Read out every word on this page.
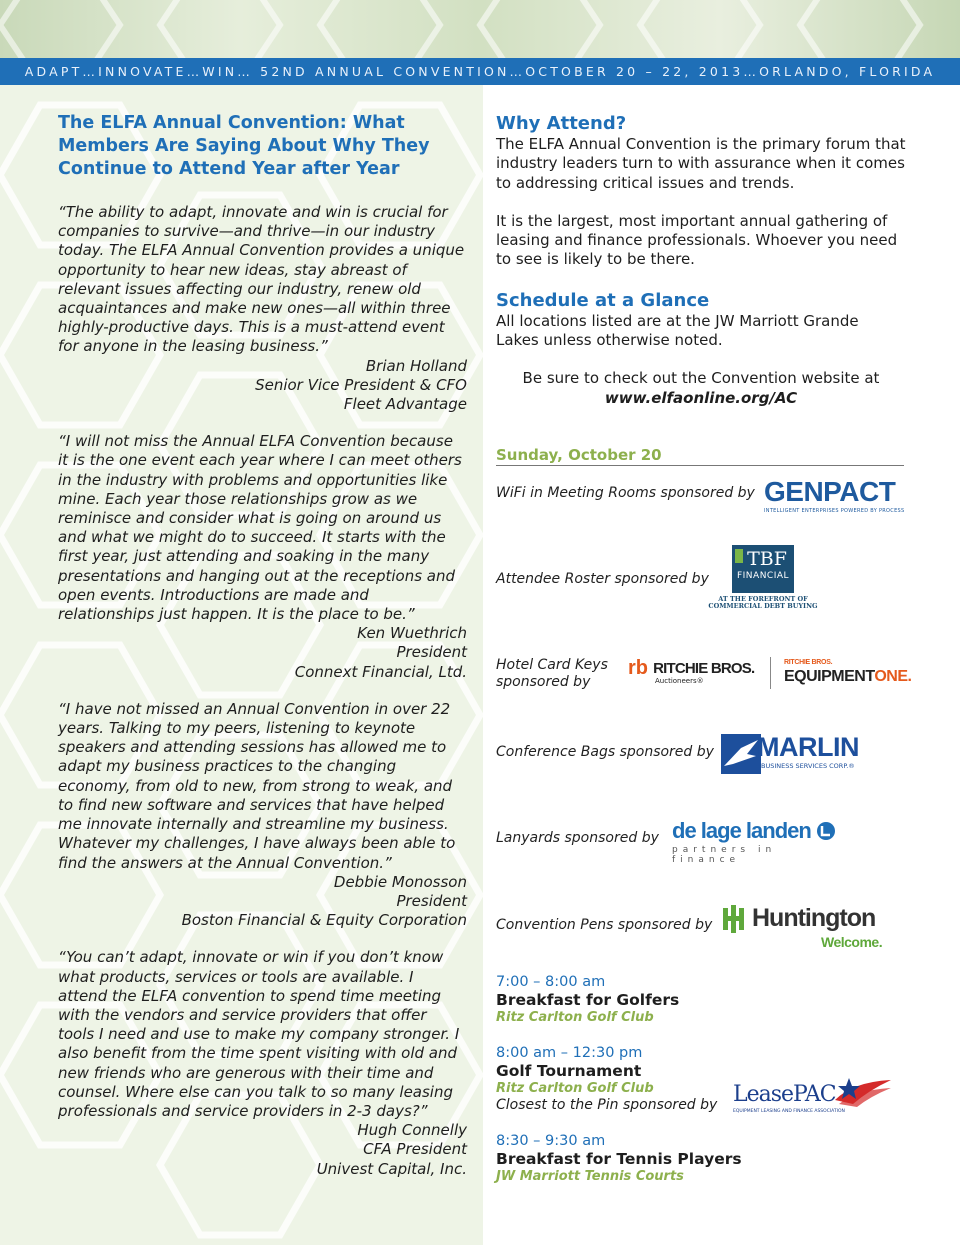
ADAPT…INNOVATE…WIN… 52ND ANNUAL CONVENTION…OCTOBER 20 – 22, 2013…ORLANDO, FLORIDA
The ELFA Annual Convention: What Members Are Saying About Why They Continue to Attend Year after Year

“The ability to adapt, innovate and win is crucial for companies to survive—and thrive—in our industry today. The ELFA Annual Convention provides a unique opportunity to hear new ideas, stay abreast of relevant issues affecting our industry, renew old acquaintances and make new ones—all within three highly-productive days. This is a must-attend event for anyone in the leasing business.”

Brian Holland
Senior Vice President & CFO
Fleet Advantage

“I will not miss the Annual ELFA Convention because it is the one event each year where I can meet others in the industry with problems and opportunities like mine. Each year those relationships grow as we reminisce and consider what is going on around us and what we might do to succeed. It starts with the first year, just attending and soaking in the many presentations and hanging out at the receptions and open events. Introductions are made and relationships just happen. It is the place to be.”

Ken Wuethrich
President
Connext Financial, Ltd.

“I have not missed an Annual Convention in over 22 years. Talking to my peers, listening to keynote speakers and attending sessions has allowed me to adapt my business practices to the changing economy, from old to new, from strong to weak, and to find new software and services that have helped me innovate internally and streamline my business. Whatever my challenges, I have always been able to find the answers at the Annual Convention.”

Debbie Monosson
President
Boston Financial & Equity Corporation

“You can’t adapt, innovate or win if you don’t know what products, services or tools are available. I attend the ELFA convention to spend time meeting with the vendors and service providers that offer tools I need and use to make my company stronger. I also benefit from the time spent visiting with old and new friends who are generous with their time and counsel. Where else can you talk to so many leasing professionals and service providers in 2-3 days?”

Hugh Connelly
CFA President
Univest Capital, Inc.
Why Attend?

The ELFA Annual Convention is the primary forum that industry leaders turn to with assurance when it comes to addressing critical issues and trends.

It is the largest, most important annual gathering of leasing and finance professionals. Whoever you need to see is likely to be there.

Schedule at a Glance

All locations listed are at the JW Marriott Grande Lakes unless otherwise noted.

Be sure to check out the Convention website at

www.elfaonline.org/AC

Sunday, October 20
WiFi in Meeting Rooms sponsored by GENPACT
INTELLIGENT ENTERPRISES POWERED BY PROCESS
Attendee Roster sponsored by
TBF
FINANCIAL
AT THE FOREFRONT OF
COMMERCIAL DEBT BUYING
Hotel Card Keys sponsored by
rb RITCHIE BROS.
Auctioneers®
RITCHIE BROS.
EQUIPMENTONE.
Conference Bags sponsored by MARLIN
BUSINESS SERVICES CORP.®
Lanyards sponsored by de lage landen
partners in finance
Convention Pens sponsored by Huntington
Welcome.
7:00 – 8:00 am
Breakfast for Golfers
Ritz Carlton Golf Club
8:00 am – 12:30 pm
Golf Tournament
Ritz Carlton Golf Club
Closest to the Pin sponsored by LeasePAC
EQUIPMENT LEASING AND FINANCE ASSOCIATION
8:30 – 9:30 am
Breakfast for Tennis Players
JW Marriott Tennis Courts
